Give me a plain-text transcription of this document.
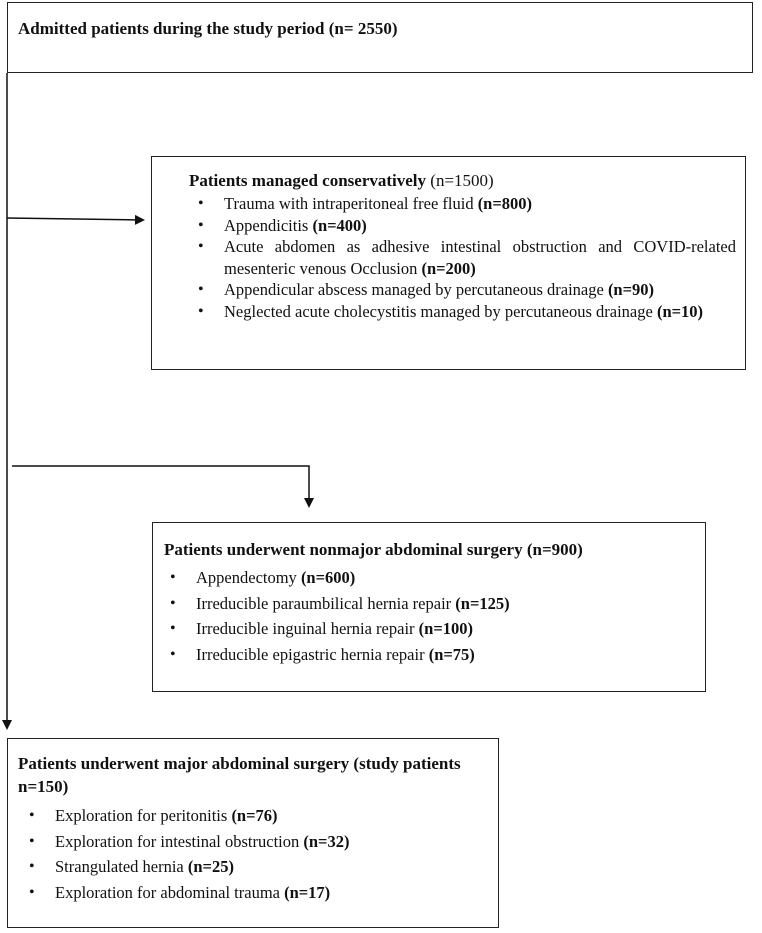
Admitted patients during the study period (n= 2550)
Patients managed conservatively (n=1500)
• Trauma with intraperitoneal free fluid (n=800)
• Appendicitis (n=400)
• Acute abdomen as adhesive intestinal obstruction and COVID-related mesenteric venous Occlusion (n=200)
• Appendicular abscess managed by percutaneous drainage (n=90)
• Neglected acute cholecystitis managed by percutaneous drainage (n=10)
Patients underwent nonmajor abdominal surgery (n=900)
• Appendectomy (n=600)
• Irreducible paraumbilical hernia repair (n=125)
• Irreducible inguinal hernia repair (n=100)
• Irreducible epigastric hernia repair (n=75)
Patients underwent major abdominal surgery (study patients n=150)
• Exploration for peritonitis (n=76)
• Exploration for intestinal obstruction (n=32)
• Strangulated hernia (n=25)
• Exploration for abdominal trauma (n=17)
